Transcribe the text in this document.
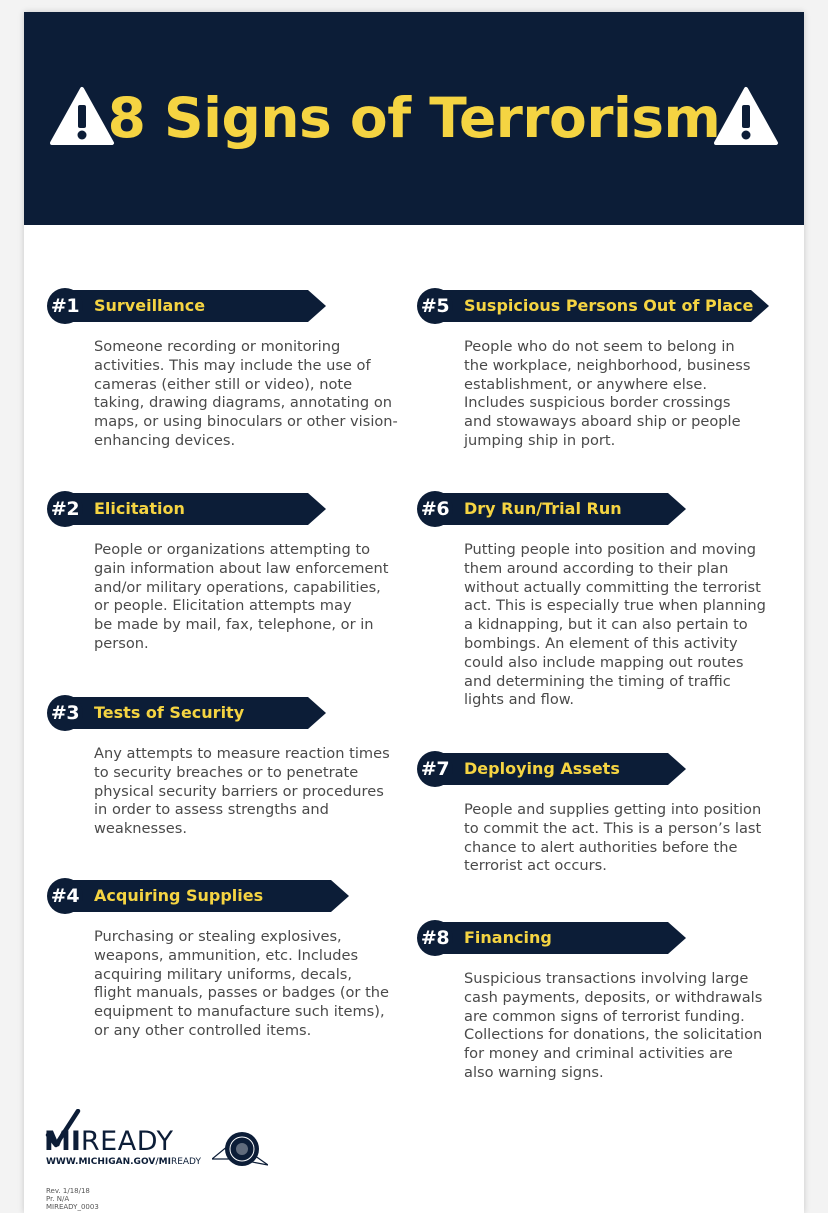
8 Signs of Terrorism
#1 Surveillance

Someone recording or monitoring
activities. This may include the use of
cameras (either still or video), note
taking, drawing diagrams, annotating on
maps, or using binoculars or other vision-
enhancing devices.

#2 Elicitation

People or organizations attempting to
gain information about law enforcement
and/or military operations, capabilities,
or people. Elicitation attempts may
be made by mail, fax, telephone, or in
person.

#3 Tests of Security

Any attempts to measure reaction times
to security breaches or to penetrate
physical security barriers or procedures
in order to assess strengths and
weaknesses.

#4 Acquiring Supplies

Purchasing or stealing explosives,
weapons, ammunition, etc. Includes
acquiring military uniforms, decals,
flight manuals, passes or badges (or the
equipment to manufacture such items),
or any other controlled items.

#5 Suspicious Persons Out of Place

People who do not seem to belong in
the workplace, neighborhood, business
establishment, or anywhere else.
Includes suspicious border crossings
and stowaways aboard ship or people
jumping ship in port.

#6 Dry Run/Trial Run

Putting people into position and moving
them around according to their plan
without actually committing the terrorist
act. This is especially true when planning
a kidnapping, but it can also pertain to
bombings. An element of this activity
could also include mapping out routes
and determining the timing of traffic
lights and flow.

#7 Deploying Assets

People and supplies getting into position
to commit the act. This is a person’s last
chance to alert authorities before the
terrorist act occurs.

#8 Financing

Suspicious transactions involving large
cash payments, deposits, or withdrawals
are common signs of terrorist funding.
Collections for donations, the solicitation
for money and criminal activities are
also warning signs.

MIREADY
WWW.MICHIGAN.GOV/MIREADY
Rev. 1/18/18
Pr. N/A
MIREADY_0003
